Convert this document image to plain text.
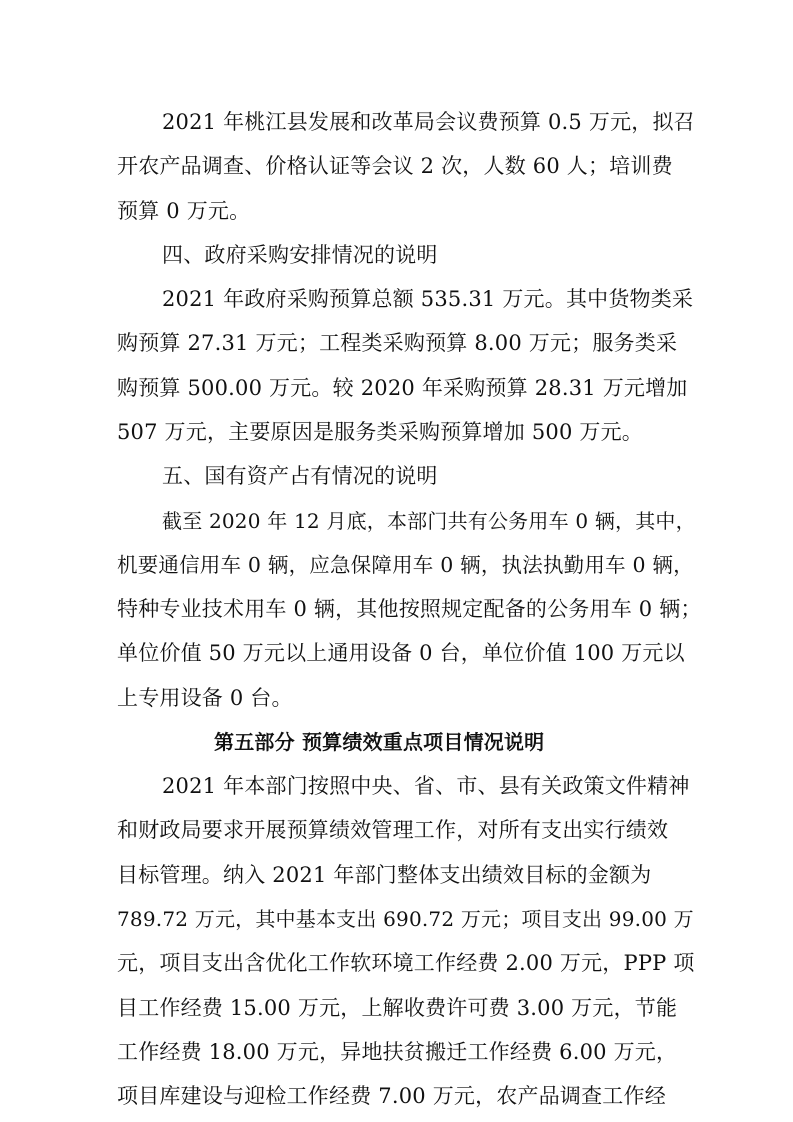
2021 年桃江县发展和改革局会议费预算 0.5 万元，拟召
开农产品调查、价格认证等会议 2 次，人数 60 人；培训费
预算 0 万元。
四、政府采购安排情况的说明
2021 年政府采购预算总额 535.31 万元。其中货物类采
购预算 27.31 万元；工程类采购预算 8.00 万元；服务类采
购预算 500.00 万元。较 2020 年采购预算 28.31 万元增加
507 万元，主要原因是服务类采购预算增加 500 万元。
五、国有资产占有情况的说明
截至 2020 年 12 月底，本部门共有公务用车 0 辆，其中，
机要通信用车 0 辆，应急保障用车 0 辆，执法执勤用车 0 辆，
特种专业技术用车 0 辆，其他按照规定配备的公务用车 0 辆；
单位价值 50 万元以上通用设备 0 台，单位价值 100 万元以
上专用设备 0 台。
第五部分 预算绩效重点项目情况说明
2021 年本部门按照中央、省、市、县有关政策文件精神
和财政局要求开展预算绩效管理工作，对所有支出实行绩效
目标管理。纳入 2021 年部门整体支出绩效目标的金额为
789.72 万元，其中基本支出 690.72 万元；项目支出 99.00 万
元，项目支出含优化工作软环境工作经费 2.00 万元，PPP 项
目工作经费 15.00 万元，上解收费许可费 3.00 万元，节能
工作经费 18.00 万元，异地扶贫搬迁工作经费 6.00 万元，
项目库建设与迎检工作经费 7.00 万元，农产品调查工作经
